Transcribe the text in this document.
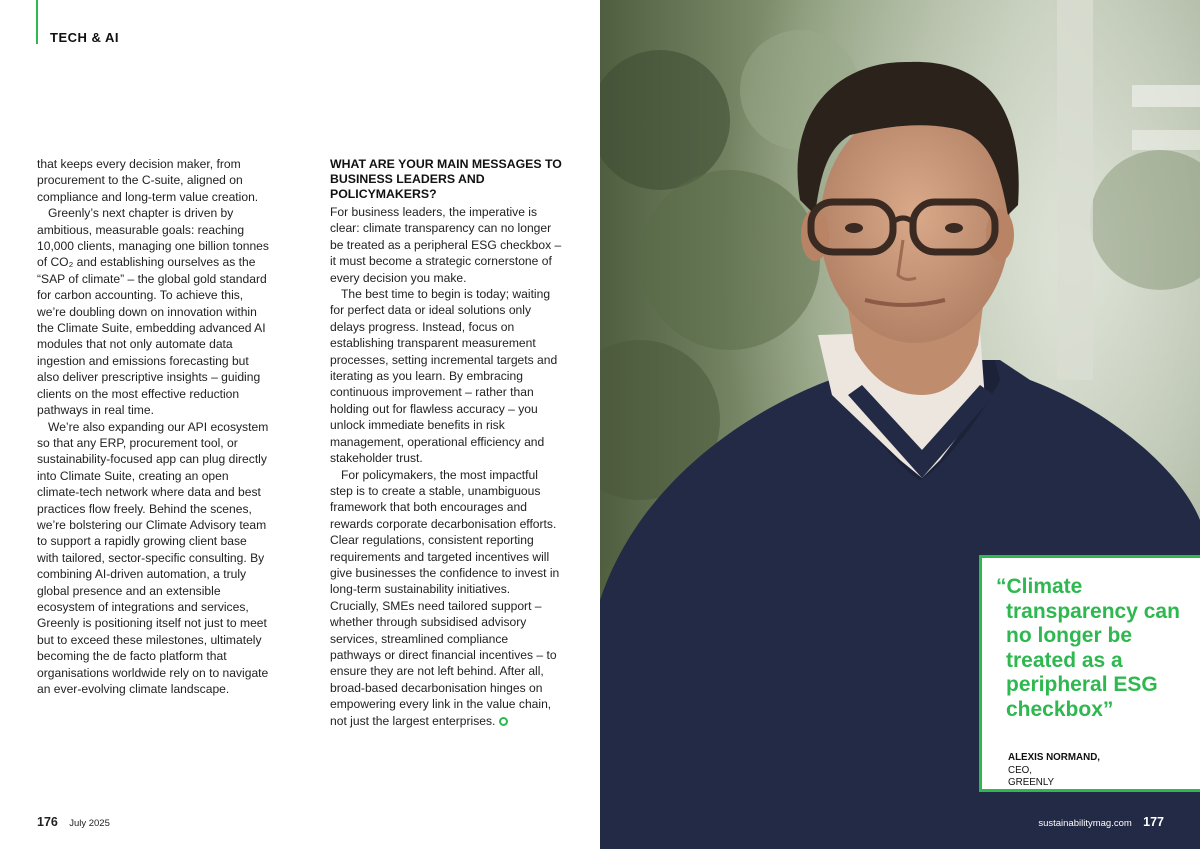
TECH & AI

that keeps every decision maker, from procurement to the C-suite, aligned on compliance and long-term value creation.

Greenly’s next chapter is driven by ambitious, measurable goals: reaching 10,000 clients, managing one billion tonnes of CO₂ and establishing ourselves as the “SAP of climate” – the global gold standard for carbon accounting. To achieve this, we’re doubling down on innovation within the Climate Suite, embedding advanced AI modules that not only automate data ingestion and emissions forecasting but also deliver prescriptive insights – guiding clients on the most effective reduction pathways in real time.

We’re also expanding our API ecosystem so that any ERP, procurement tool, or sustainability-focused app can plug directly into Climate Suite, creating an open climate-tech network where data and best practices flow freely. Behind the scenes, we’re bolstering our Climate Advisory team to support a rapidly growing client base with tailored, sector-specific consulting. By combining AI-driven automation, a truly global presence and an extensible ecosystem of integrations and services, Greenly is positioning itself not just to meet but to exceed these milestones, ultimately becoming the de facto platform that organisations worldwide rely on to navigate an ever-evolving climate landscape.

WHAT ARE YOUR MAIN MESSAGES TO BUSINESS LEADERS AND POLICYMAKERS?

For business leaders, the imperative is clear: climate transparency can no longer be treated as a peripheral ESG checkbox – it must become a strategic cornerstone of every decision you make.

The best time to begin is today; waiting for perfect data or ideal solutions only delays progress. Instead, focus on establishing transparent measurement processes, setting incremental targets and iterating as you learn. By embracing continuous improvement – rather than holding out for flawless accuracy – you unlock immediate benefits in risk management, operational efficiency and stakeholder trust.

For policymakers, the most impactful step is to create a stable, unambiguous framework that both encourages and rewards corporate decarbonisation efforts. Clear regulations, consistent reporting requirements and targeted incentives will give businesses the confidence to invest in long-term sustainability initiatives. Crucially, SMEs need tailored support – whether through subsidised advisory services, streamlined compliance pathways or direct financial incentives – to ensure they are not left behind. After all, broad-based decarbonisation hinges on empowering every link in the value chain, not just the largest enterprises.

176 July 2025	sustainabilitymag.com 177
“Climate transparency can no longer be treated as a peripheral ESG checkbox”
ALEXIS NORMAND,
CEO,
GREENLY
